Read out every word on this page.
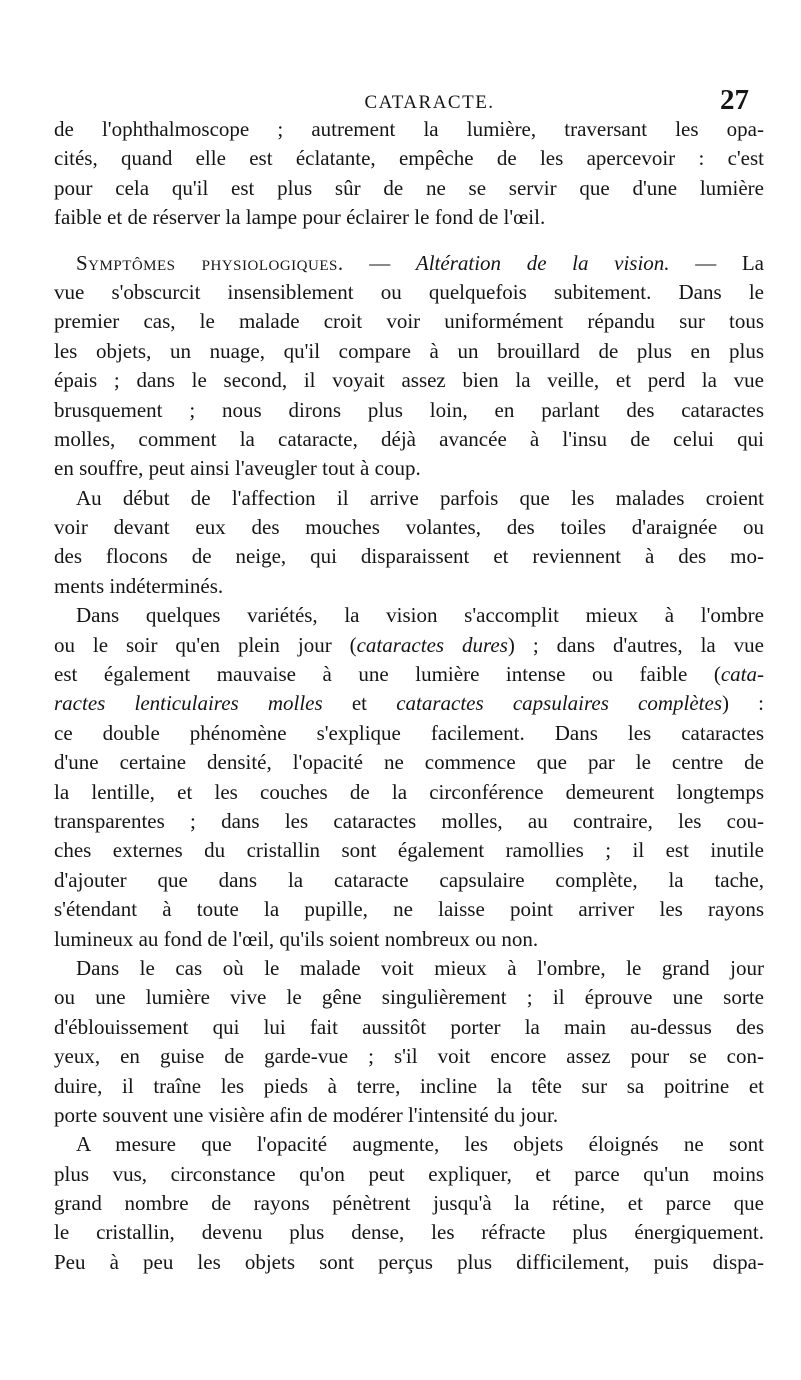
CATARACTE.	27
de l'ophthalmoscope ; autrement la lumière, traversant les opa-
cités, quand elle est éclatante, empêche de les apercevoir : c'est
pour cela qu'il est plus sûr de ne se servir que d'une lumière
faible et de réserver la lampe pour éclairer le fond de l'œil.
Symptômes physiologiques. — Altération de la vision. — La
vue s'obscurcit insensiblement ou quelquefois subitement. Dans le
premier cas, le malade croit voir uniformément répandu sur tous
les objets, un nuage, qu'il compare à un brouillard de plus en plus
épais ; dans le second, il voyait assez bien la veille, et perd la vue
brusquement ; nous dirons plus loin, en parlant des cataractes
molles, comment la cataracte, déjà avancée à l'insu de celui qui
en souffre, peut ainsi l'aveugler tout à coup.
Au début de l'affection il arrive parfois que les malades croient
voir devant eux des mouches volantes, des toiles d'araignée ou
des flocons de neige, qui disparaissent et reviennent à des mo-
ments indéterminés.
Dans quelques variétés, la vision s'accomplit mieux à l'ombre
ou le soir qu'en plein jour (cataractes dures) ; dans d'autres, la vue
est également mauvaise à une lumière intense ou faible (cata-
ractes lenticulaires molles et cataractes capsulaires complètes) :
ce double phénomène s'explique facilement. Dans les cataractes
d'une certaine densité, l'opacité ne commence que par le centre de
la lentille, et les couches de la circonférence demeurent longtemps
transparentes ; dans les cataractes molles, au contraire, les cou-
ches externes du cristallin sont également ramollies ; il est inutile
d'ajouter que dans la cataracte capsulaire complète, la tache,
s'étendant à toute la pupille, ne laisse point arriver les rayons
lumineux au fond de l'œil, qu'ils soient nombreux ou non.
Dans le cas où le malade voit mieux à l'ombre, le grand jour
ou une lumière vive le gêne singulièrement ; il éprouve une sorte
d'éblouissement qui lui fait aussitôt porter la main au-dessus des
yeux, en guise de garde-vue ; s'il voit encore assez pour se con-
duire, il traîne les pieds à terre, incline la tête sur sa poitrine et
porte souvent une visière afin de modérer l'intensité du jour.
A mesure que l'opacité augmente, les objets éloignés ne sont
plus vus, circonstance qu'on peut expliquer, et parce qu'un moins
grand nombre de rayons pénètrent jusqu'à la rétine, et parce que
le cristallin, devenu plus dense, les réfracte plus énergiquement.
Peu à peu les objets sont perçus plus difficilement, puis dispa-
